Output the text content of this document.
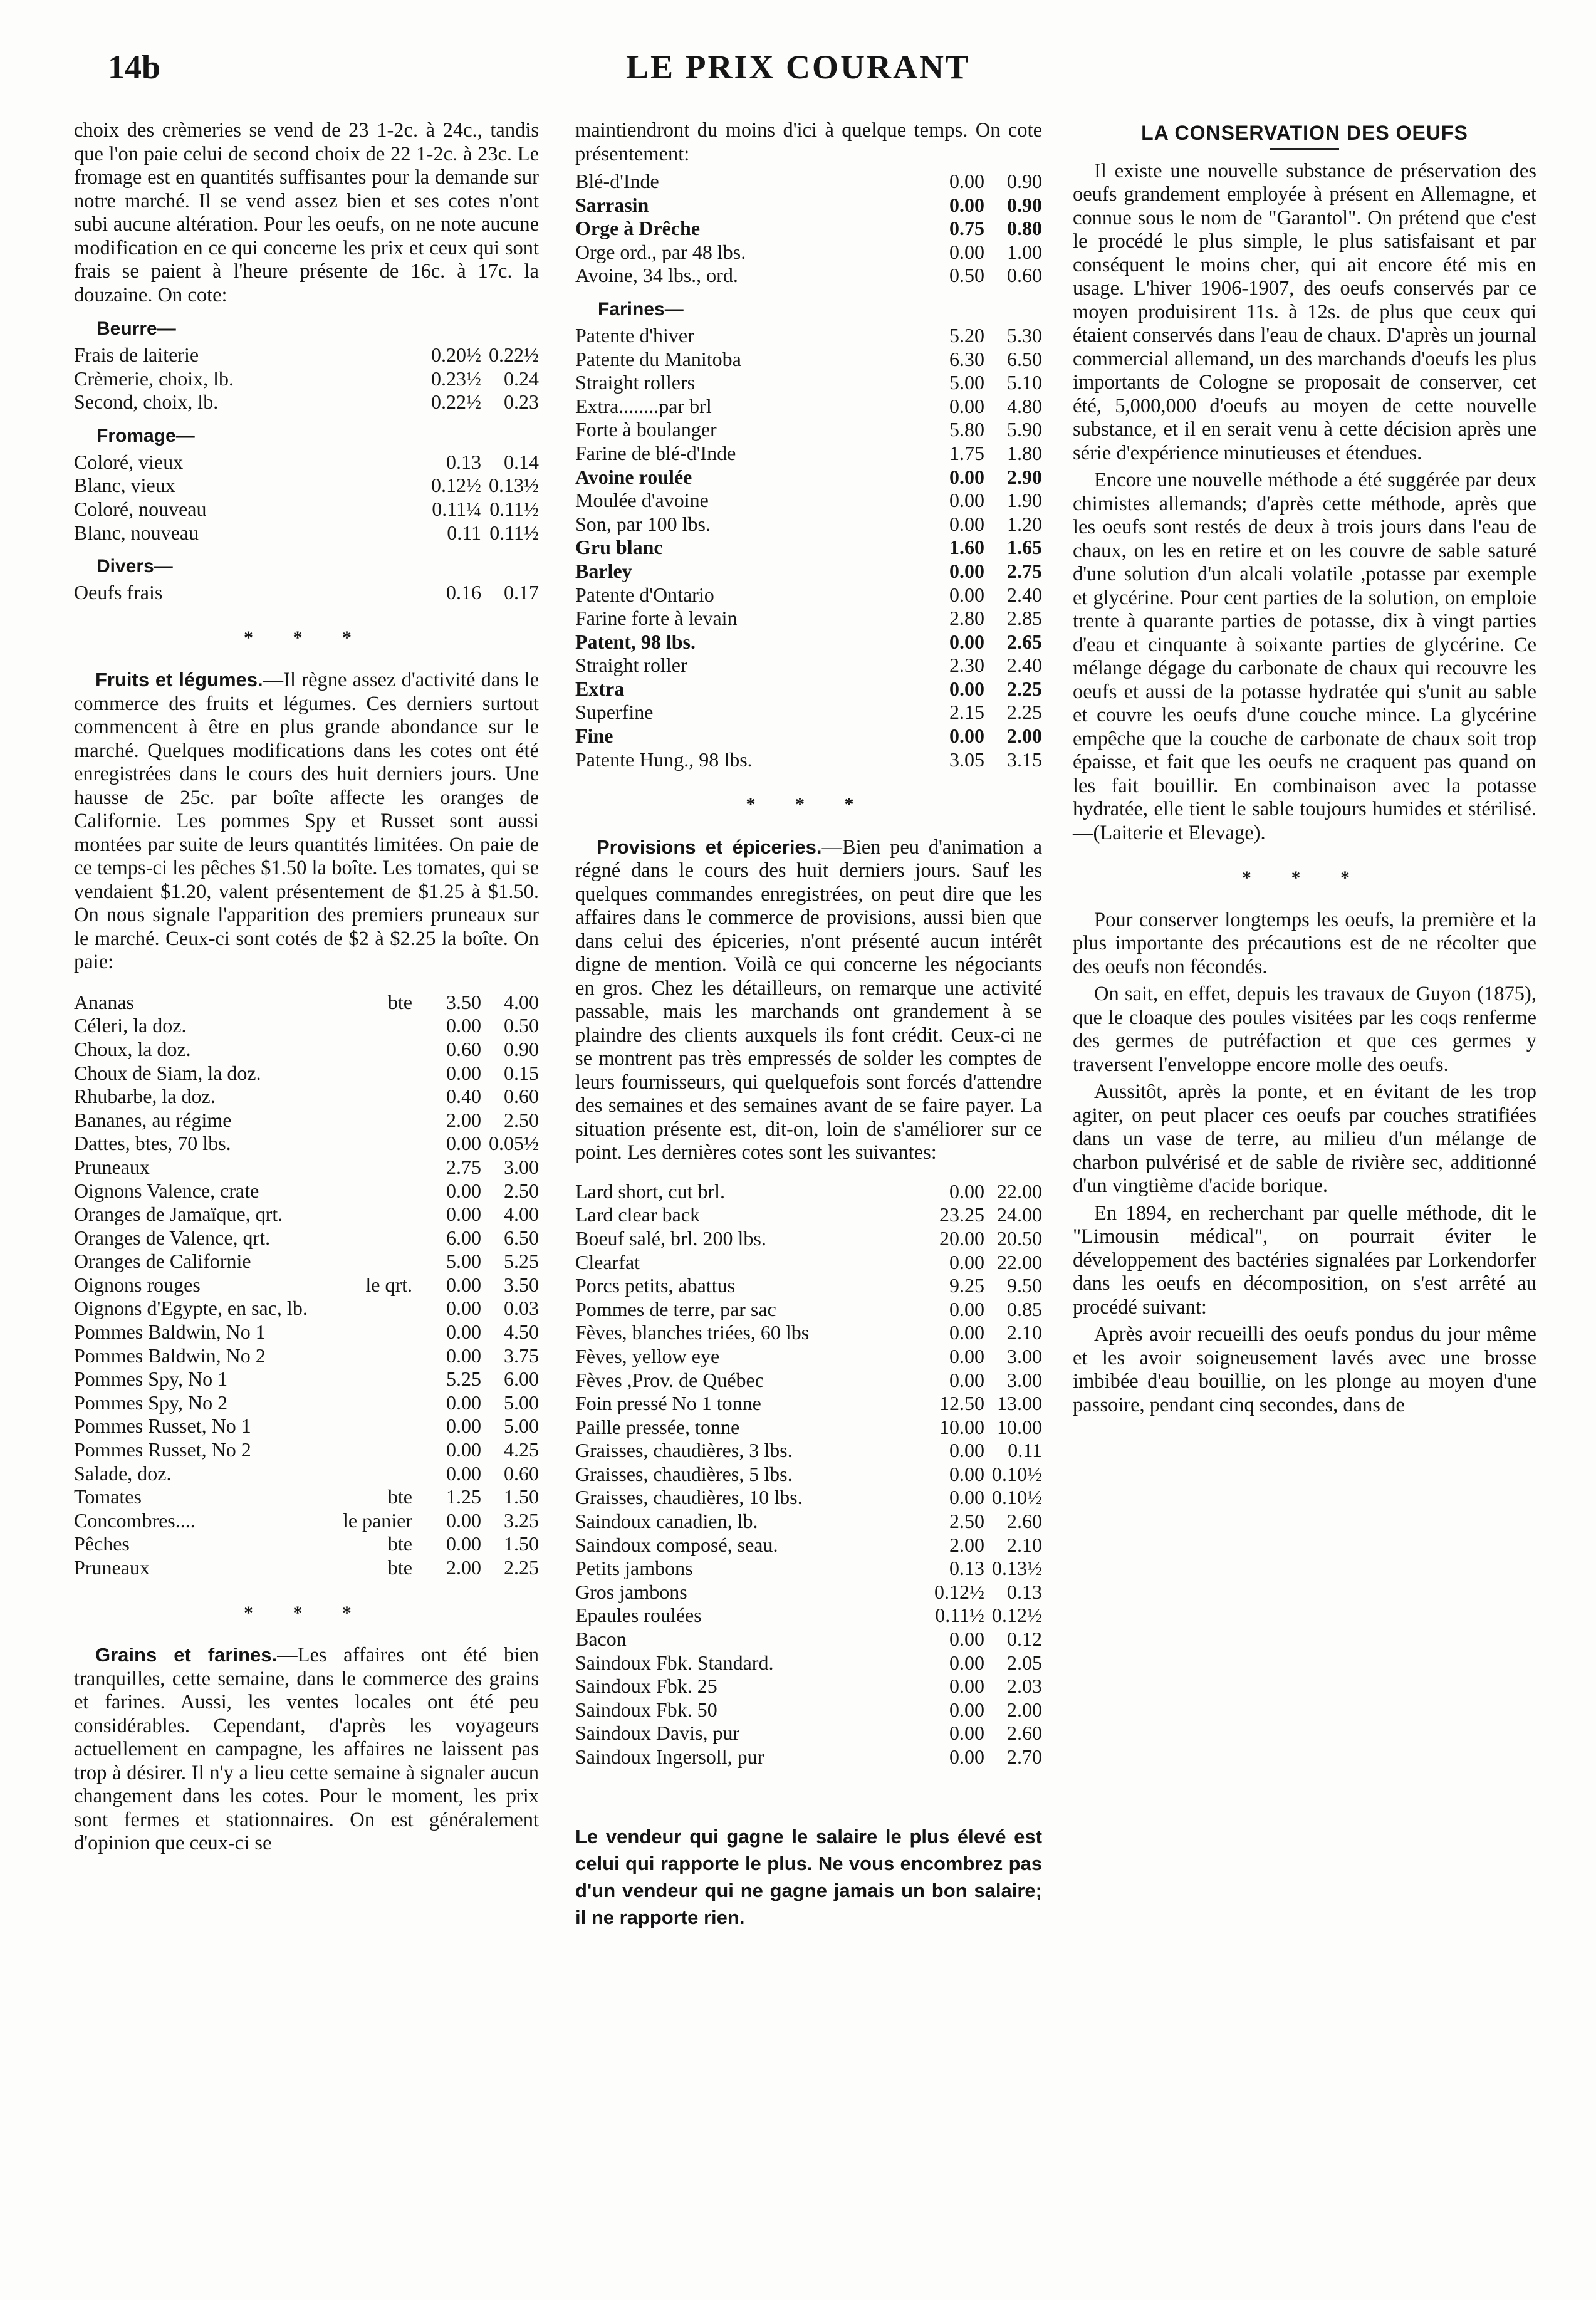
LE PRIX COURANT
14b

choix des crèmeries se vend de 23 1-2c. à 24c., tandis que l'on paie celui de second choix de 22 1-2c. à 23c. Le fromage est en quantités suffisantes pour la demande sur notre marché. Il se vend assez bien et ses cotes n'ont subi aucune altération. Pour les oeufs, on ne note aucune modification en ce qui concerne les prix et ceux qui sont frais se paient à l'heure présente de 16c. à 17c. la douzaine. On cote:

Beurre—
Frais de laiterie	0.20½	0.22½
Crèmerie, choix, lb.	0.23½	0.24
Second, choix, lb.	0.22½	0.23
Fromage—
Coloré, vieux	0.13	0.14
Blanc, vieux	0.12½	0.13½
Coloré, nouveau	0.11¼	0.11½
Blanc, nouveau	0.11	0.11½
Divers—
Oeufs frais	0.16	0.17
* * *

Fruits et légumes.—Il règne assez d'activité dans le commerce des fruits et légumes. Ces derniers surtout commencent à être en plus grande abondance sur le marché. Quelques modifications dans les cotes ont été enregistrées dans le cours des huit derniers jours. Une hausse de 25c. par boîte affecte les oranges de Californie. Les pommes Spy et Russet sont aussi montées par suite de leurs quantités limitées. On paie de ce temps-ci les pêches $1.50 la boîte. Les tomates, qui se vendaient $1.20, valent présentement de $1.25 à $1.50. On nous signale l'apparition des premiers pruneaux sur le marché. Ceux-ci sont cotés de $2 à $2.25 la boîte. On paie:

Ananas	bte	3.50	4.00
Céleri, la doz.		0.00	0.50
Choux, la doz.		0.60	0.90
Choux de Siam, la doz.		0.00	0.15
Rhubarbe, la doz.		0.40	0.60
Bananes, au régime		2.00	2.50
Dattes, btes, 70 lbs.		0.00	0.05½
Pruneaux		2.75	3.00
Oignons Valence, crate		0.00	2.50
Oranges de Jamaïque, qrt.		0.00	4.00
Oranges de Valence, qrt.		6.00	6.50
Oranges de Californie		5.00	5.25
Oignons rouges	le qrt.	0.00	3.50
Oignons d'Egypte, en sac, lb.		0.00	0.03
Pommes Baldwin, No 1		0.00	4.50
Pommes Baldwin, No 2		0.00	3.75
Pommes Spy, No 1		5.25	6.00
Pommes Spy, No 2		0.00	5.00
Pommes Russet, No 1		0.00	5.00
Pommes Russet, No 2		0.00	4.25
Salade, doz.		0.00	0.60
Tomates	bte	1.25	1.50
Concombres....	le panier	0.00	3.25
Pêches	bte	0.00	1.50
Pruneaux	bte	2.00	2.25
* * *

Grains et farines.—Les affaires ont été bien tranquilles, cette semaine, dans le commerce des grains et farines. Aussi, les ventes locales ont été peu considérables. Cependant, d'après les voyageurs actuellement en campagne, les affaires ne laissent pas trop à désirer. Il n'y a lieu cette semaine à signaler aucun changement dans les cotes. Pour le moment, les prix sont fermes et stationnaires. On est généralement d'opinion que ceux-ci se

maintiendront du moins d'ici à quelque temps. On cote présentement:

Blé-d'Inde	0.00	0.90
Sarrasin	0.00	0.90
Orge à Drêche	0.75	0.80
Orge ord., par 48 lbs.	0.00	1.00
Avoine, 34 lbs., ord.	0.50	0.60
Farines—
Patente d'hiver	5.20	5.30
Patente du Manitoba	6.30	6.50
Straight rollers	5.00	5.10
Extra........par brl	0.00	4.80
Forte à boulanger	5.80	5.90
Farine de blé-d'Inde	1.75	1.80
Avoine roulée	0.00	2.90
Moulée d'avoine	0.00	1.90
Son, par 100 lbs.	0.00	1.20
Gru blanc	1.60	1.65
Barley	0.00	2.75
Patente d'Ontario	0.00	2.40
Farine forte à levain	2.80	2.85
Patent, 98 lbs.	0.00	2.65
Straight roller	2.30	2.40
Extra	0.00	2.25
Superfine	2.15	2.25
Fine	0.00	2.00
Patente Hung., 98 lbs.	3.05	3.15
* * *

Provisions et épiceries.—Bien peu d'animation a régné dans le cours des huit derniers jours. Sauf les quelques commandes enregistrées, on peut dire que les affaires dans le commerce de provisions, aussi bien que dans celui des épiceries, n'ont présenté aucun intérêt digne de mention. Voilà ce qui concerne les négociants en gros. Chez les détailleurs, on remarque une activité passable, mais les marchands ont grandement à se plaindre des clients auxquels ils font crédit. Ceux-ci ne se montrent pas très empressés de solder les comptes de leurs fournisseurs, qui quelquefois sont forcés d'attendre des semaines et des semaines avant de se faire payer. La situation présente est, dit-on, loin de s'améliorer sur ce point. Les dernières cotes sont les suivantes:

Lard short, cut brl.	0.00	22.00
Lard clear back	23.25	24.00
Boeuf salé, brl. 200 lbs.	20.00	20.50
Clearfat	0.00	22.00
Porcs petits, abattus	9.25	9.50
Pommes de terre, par sac	0.00	0.85
Fèves, blanches triées, 60 lbs	0.00	2.10
Fèves, yellow eye	0.00	3.00
Fèves ,Prov. de Québec	0.00	3.00
Foin pressé No 1 tonne	12.50	13.00
Paille pressée, tonne	10.00	10.00
Graisses, chaudières, 3 lbs.	0.00	0.11
Graisses, chaudières, 5 lbs.	0.00	0.10½
Graisses, chaudières, 10 lbs.	0.00	0.10½
Saindoux canadien, lb.	2.50	2.60
Saindoux composé, seau.	2.00	2.10
Petits jambons	0.13	0.13½
Gros jambons	0.12½	0.13
Epaules roulées	0.11½	0.12½
Bacon	0.00	0.12
Saindoux Fbk. Standard.	0.00	2.05
Saindoux Fbk. 25	0.00	2.03
Saindoux Fbk. 50	0.00	2.00
Saindoux Davis, pur	0.00	2.60
Saindoux Ingersoll, pur	0.00	2.70
Le vendeur qui gagne le salaire le plus élevé est celui qui rapporte le plus. Ne vous encombrez pas d'un vendeur qui ne gagne jamais un bon salaire; il ne rapporte rien.
LA CONSERVATION DES OEUFS

Il existe une nouvelle substance de préservation des oeufs grandement employée à présent en Allemagne, et connue sous le nom de "Garantol". On prétend que c'est le procédé le plus simple, le plus satisfaisant et par conséquent le moins cher, qui ait encore été mis en usage. L'hiver 1906-1907, des oeufs conservés par ce moyen produisirent 11s. à 12s. de plus que ceux qui étaient conservés dans l'eau de chaux. D'après un journal commercial allemand, un des marchands d'oeufs les plus importants de Cologne se proposait de conserver, cet été, 5,000,000 d'oeufs au moyen de cette nouvelle substance, et il en serait venu à cette décision après une série d'expérience minutieuses et étendues.

Encore une nouvelle méthode a été suggérée par deux chimistes allemands; d'après cette méthode, après que les oeufs sont restés de deux à trois jours dans l'eau de chaux, on les en retire et on les couvre de sable saturé d'une solution d'un alcali volatile ,potasse par exemple et glycérine. Pour cent parties de la solution, on emploie trente à quarante parties de potasse, dix à vingt parties d'eau et cinquante à soixante parties de glycérine. Ce mélange dégage du carbonate de chaux qui recouvre les oeufs et aussi de la potasse hydratée qui s'unit au sable et couvre les oeufs d'une couche mince. La glycérine empêche que la couche de carbonate de chaux soit trop épaisse, et fait que les oeufs ne craquent pas quand on les fait bouillir. En combinaison avec la potasse hydratée, elle tient le sable toujours humides et stérilisé.—(Laiterie et Elevage).

* * *

Pour conserver longtemps les oeufs, la première et la plus importante des précautions est de ne récolter que des oeufs non fécondés.

On sait, en effet, depuis les travaux de Guyon (1875), que le cloaque des poules visitées par les coqs renferme des germes de putréfaction et que ces germes y traversent l'enveloppe encore molle des oeufs.

Aussitôt, après la ponte, et en évitant de les trop agiter, on peut placer ces oeufs par couches stratifiées dans un vase de terre, au milieu d'un mélange de charbon pulvérisé et de sable de rivière sec, additionné d'un vingtième d'acide borique.

En 1894, en recherchant par quelle méthode, dit le "Limousin médical", on pourrait éviter le développement des bactéries signalées par Lorkendorfer dans les oeufs en décomposition, on s'est arrêté au procédé suivant:

Après avoir recueilli des oeufs pondus du jour même et les avoir soigneusement lavés avec une brosse imbibée d'eau bouillie, on les plonge au moyen d'une passoire, pendant cinq secondes, dans de
